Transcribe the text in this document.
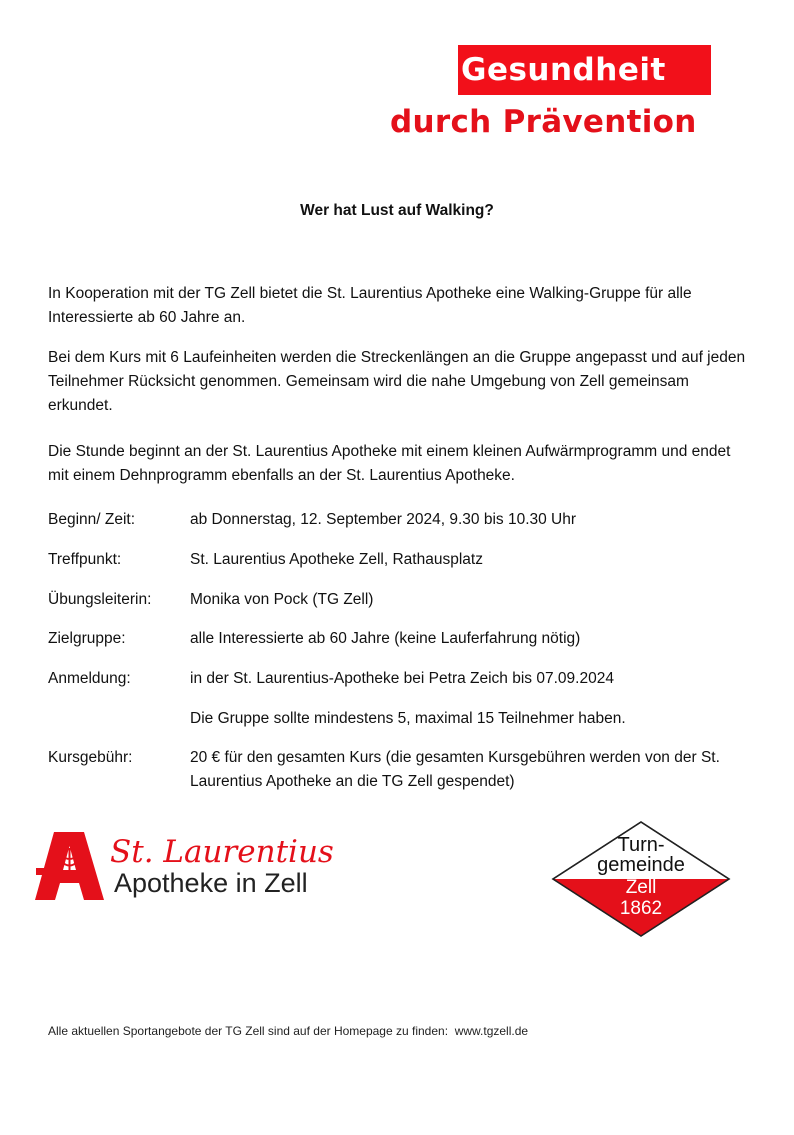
Gesundheit
durch Prävention
Wer hat Lust auf Walking?
In Kooperation mit der TG Zell bietet die St. Laurentius Apotheke eine Walking-Gruppe für alle Interessierte ab 60 Jahre an.
Bei dem Kurs mit 6 Laufeinheiten werden die Streckenlängen an die Gruppe angepasst und auf jeden Teilnehmer Rücksicht genommen. Gemeinsam wird die nahe Umgebung von Zell gemeinsam erkundet.
Die Stunde beginnt an der St. Laurentius Apotheke mit einem kleinen Aufwärmprogramm und endet mit einem Dehnprogramm ebenfalls an der St. Laurentius Apotheke.
Beginn/ Zeit:	ab Donnerstag, 12. September 2024, 9.30 bis 10.30 Uhr
Treffpunkt:	St. Laurentius Apotheke Zell, Rathausplatz
Übungsleiterin: Monika von Pock (TG Zell)
Zielgruppe:	alle Interessierte ab 60 Jahre (keine Lauferfahrung nötig)
Anmeldung:	in der St. Laurentius-Apotheke bei Petra Zeich bis 07.09.2024
Die Gruppe sollte mindestens 5, maximal 15 Teilnehmer haben.
Kursgebühr:	20 € für den gesamten Kurs (die gesamten Kursgebühren werden von der St. Laurentius Apotheke an die TG Zell gespendet)
St. Laurentius
Apotheke in Zell
Turn-
gemeinde
Zell
1862
Alle aktuellen Sportangebote der TG Zell sind auf der Homepage zu finden:  www.tgzell.de
